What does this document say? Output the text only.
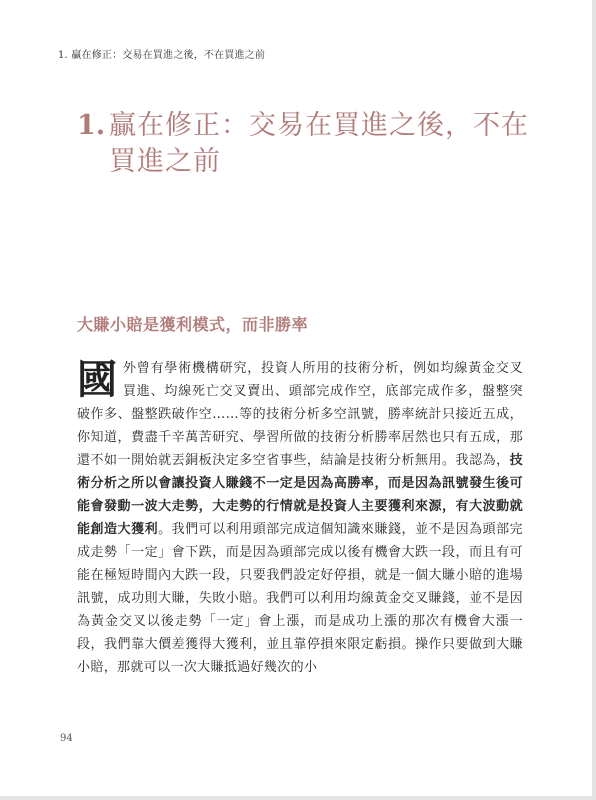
1. 贏在修正：交易在買進之後，不在買進之前
1. 贏在修正：交易在買進之後，不在買進之前
大賺小賠是獲利模式，而非勝率
國外曾有學術機構研究，投資人所用的技術分析，例如均線黃金交叉買進、均線死亡交叉賣出、頭部完成作空，底部完成作多，盤整突破作多、盤整跌破作空……等的技術分析多空訊號，勝率統計只接近五成，你知道，費盡千辛萬苦研究、學習所做的技術分析勝率居然也只有五成，那還不如一開始就丟銅板決定多空省事些，結論是技術分析無用。我認為，技術分析之所以會讓投資人賺錢不一定是因為高勝率，而是因為訊號發生後可能會發動一波大走勢，大走勢的行情就是投資人主要獲利來源，有大波動就能創造大獲利。我們可以利用頭部完成這個知識來賺錢，並不是因為頭部完成走勢「一定」會下跌，而是因為頭部完成以後有機會大跌一段，而且有可能在極短時間內大跌一段，只要我們設定好停損，就是一個大賺小賠的進場訊號，成功則大賺，失敗小賠。我們可以利用均線黃金交叉賺錢，並不是因為黃金交叉以後走勢「一定」會上漲，而是成功上漲的那次有機會大漲一段，我們靠大價差獲得大獲利，並且靠停損來限定虧損。操作只要做到大賺小賠，那就可以一次大賺抵過好幾次的小
94
